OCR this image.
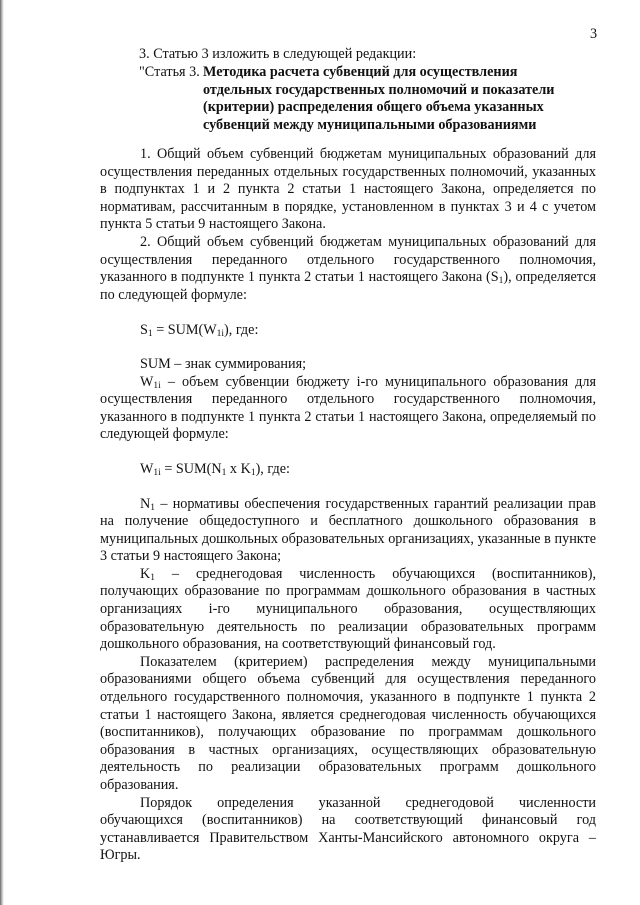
3
3. Статью 3 изложить в следующей редакции:
"Статья 3. Методика расчета субвенций для осуществления
отдельных государственных полномочий и показатели
(критерии) распределения общего объема указанных
субвенций между муниципальными образованиями

1. Общий объем субвенций бюджетам муниципальных образований для осуществления переданных отдельных государственных полномочий, указанных в подпунктах 1 и 2 пункта 2 статьи 1 настоящего Закона, определяется по нормативам, рассчитанным в порядке, установленном в пунктах 3 и 4 с учетом пункта 5 статьи 9 настоящего Закона.

2. Общий объем субвенций бюджетам муниципальных образований для осуществления переданного отдельного государственного полномочия, указанного в подпункте 1 пункта 2 статьи 1 настоящего Закона $(S_1)$, определяется по следующей формуле:

$S_1 = SUM(W_{1i})$, где:

SUM – знак суммирования;

$W_{1i}$ – объем субвенции бюджету i-го муниципального образования для осуществления переданного отдельного государственного полномочия, указанного в подпункте 1 пункта 2 статьи 1 настоящего Закона, определяемый по следующей формуле:

$W_{1i} = SUM(N_1$ x $K_1$), где:

$N_1$ – нормативы обеспечения государственных гарантий реализации прав на получение общедоступного и бесплатного дошкольного образования в муниципальных дошкольных образовательных организациях, указанные в пункте 3 статьи 9 настоящего Закона;

$K_1$ – среднегодовая численность обучающихся (воспитанников), получающих образование по программам дошкольного образования в частных организациях i-го муниципального образования, осуществляющих образовательную деятельность по реализации образовательных программ дошкольного образования, на соответствующий финансовый год.

Показателем (критерием) распределения между муниципальными образованиями общего объема субвенций для осуществления переданного отдельного государственного полномочия, указанного в подпункте 1 пункта 2 статьи 1 настоящего Закона, является среднегодовая численность обучающихся (воспитанников), получающих образование по программам дошкольного образования в частных организациях, осуществляющих образовательную деятельность по реализации образовательных программ дошкольного образования.

Порядок определения указанной среднегодовой численности обучающихся (воспитанников) на соответствующий финансовый год устанавливается Правительством Ханты-Мансийского автономного округа – Югры.
